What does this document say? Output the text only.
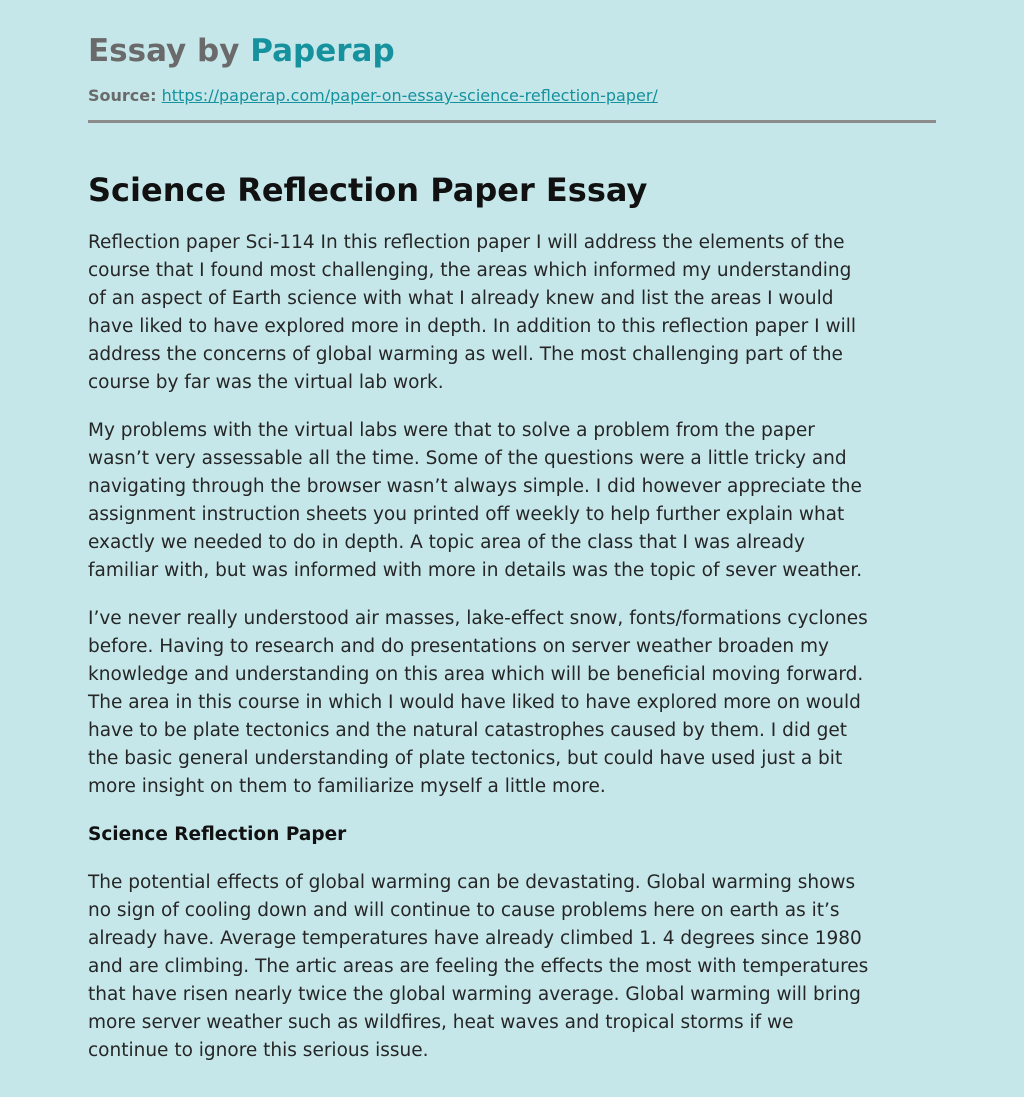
Essay by Paperap
Source: https://paperap.com/paper-on-essay-science-reflection-paper/
Science Reflection Paper Essay

Reflection paper Sci-114 In this reflection paper I will address the elements of the
course that I found most challenging, the areas which informed my understanding
of an aspect of Earth science with what I already knew and list the areas I would
have liked to have explored more in depth. In addition to this reflection paper I will
address the concerns of global warming as well. The most challenging part of the
course by far was the virtual lab work.

My problems with the virtual labs were that to solve a problem from the paper
wasn’t very assessable all the time. Some of the questions were a little tricky and
navigating through the browser wasn’t always simple. I did however appreciate the
assignment instruction sheets you printed off weekly to help further explain what
exactly we needed to do in depth. A topic area of the class that I was already
familiar with, but was informed with more in details was the topic of sever weather.

I’ve never really understood air masses, lake-effect snow, fonts/formations cyclones
before. Having to research and do presentations on server weather broaden my
knowledge and understanding on this area which will be beneficial moving forward.
The area in this course in which I would have liked to have explored more on would
have to be plate tectonics and the natural catastrophes caused by them. I did get
the basic general understanding of plate tectonics, but could have used just a bit
more insight on them to familiarize myself a little more.

Science Reflection Paper

The potential effects of global warming can be devastating. Global warming shows
no sign of cooling down and will continue to cause problems here on earth as it’s
already have. Average temperatures have already climbed 1. 4 degrees since 1980
and are climbing. The artic areas are feeling the effects the most with temperatures
that have risen nearly twice the global warming average. Global warming will bring
more server weather such as wildfires, heat waves and tropical storms if we
continue to ignore this serious issue.
